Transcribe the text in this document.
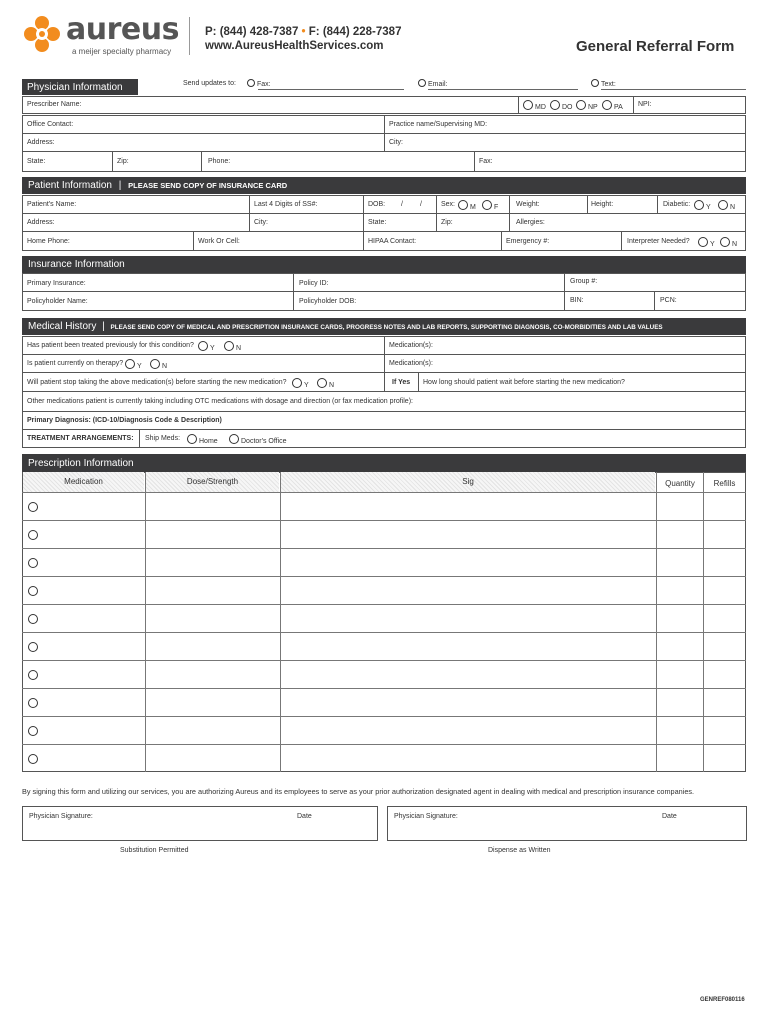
aureus
a meijer specialty pharmacy
P: (844) 428-7387 • F: (844) 228-7387
www.AureusHealthServices.com	General Referral Form
Physician Information	Send updates to:	Fax:	Email:	Text:
Prescriber Name:	MD	DO	NP	PA NPI:
Office Contact:	Practice name/Supervising MD:
Address:	City:
State:	Zip:	Phone:	Fax:
Patient Information | PLEASE SEND COPY OF INSURANCE CARD
Patient's Name:	Last 4 Digits of SS#:	DOB: / /	Sex:	M	F	Weight:	Height:	Diabetic:	Y	N
Address:	City:	State:	Zip:	Allergies:
Home Phone:	Work Or Cell:	HIPAA Contact:	Emergency #:	Interpreter Needed?	Y	N
Insurance Information
Primary Insurance:	Policy ID:	Group #:
Policyholder Name:	Policyholder DOB:	BIN:	PCN:
Medical History | PLEASE SEND COPY OF MEDICAL AND PRESCRIPTION INSURANCE CARDS, PROGRESS NOTES AND LAB REPORTS, SUPPORTING DIAGNOSIS, CO-MORBIDITIES AND LAB VALUES
Has patient been treated previously for this condition?	Y	N	Medication(s):
Is patient currently on therapy?	Y	N	Medication(s):
Will patient stop taking the above medication(s) before starting the new medication?	Y	N	If Yes How long should patient wait before starting the new medication?
Other medications patient is currently taking including OTC medications with dosage and direction (or fax medication profile):
Primary Diagnosis: (ICD-10/Diagnosis Code & Description)
TREATMENT ARRANGEMENTS: Ship Meds:	Home	Doctor's Office
Prescription Information
Medication	Dose/Strength	Sig	Quantity	Refills
By signing this form and utilizing our services, you are authorizing Aureus and its employees to serve as your prior authorization designated agent in dealing with medical and prescription insurance companies.
Physician Signature:	Date	Physician Signature:	Date
Substitution Permitted	Dispense as Written
GENREF080116
